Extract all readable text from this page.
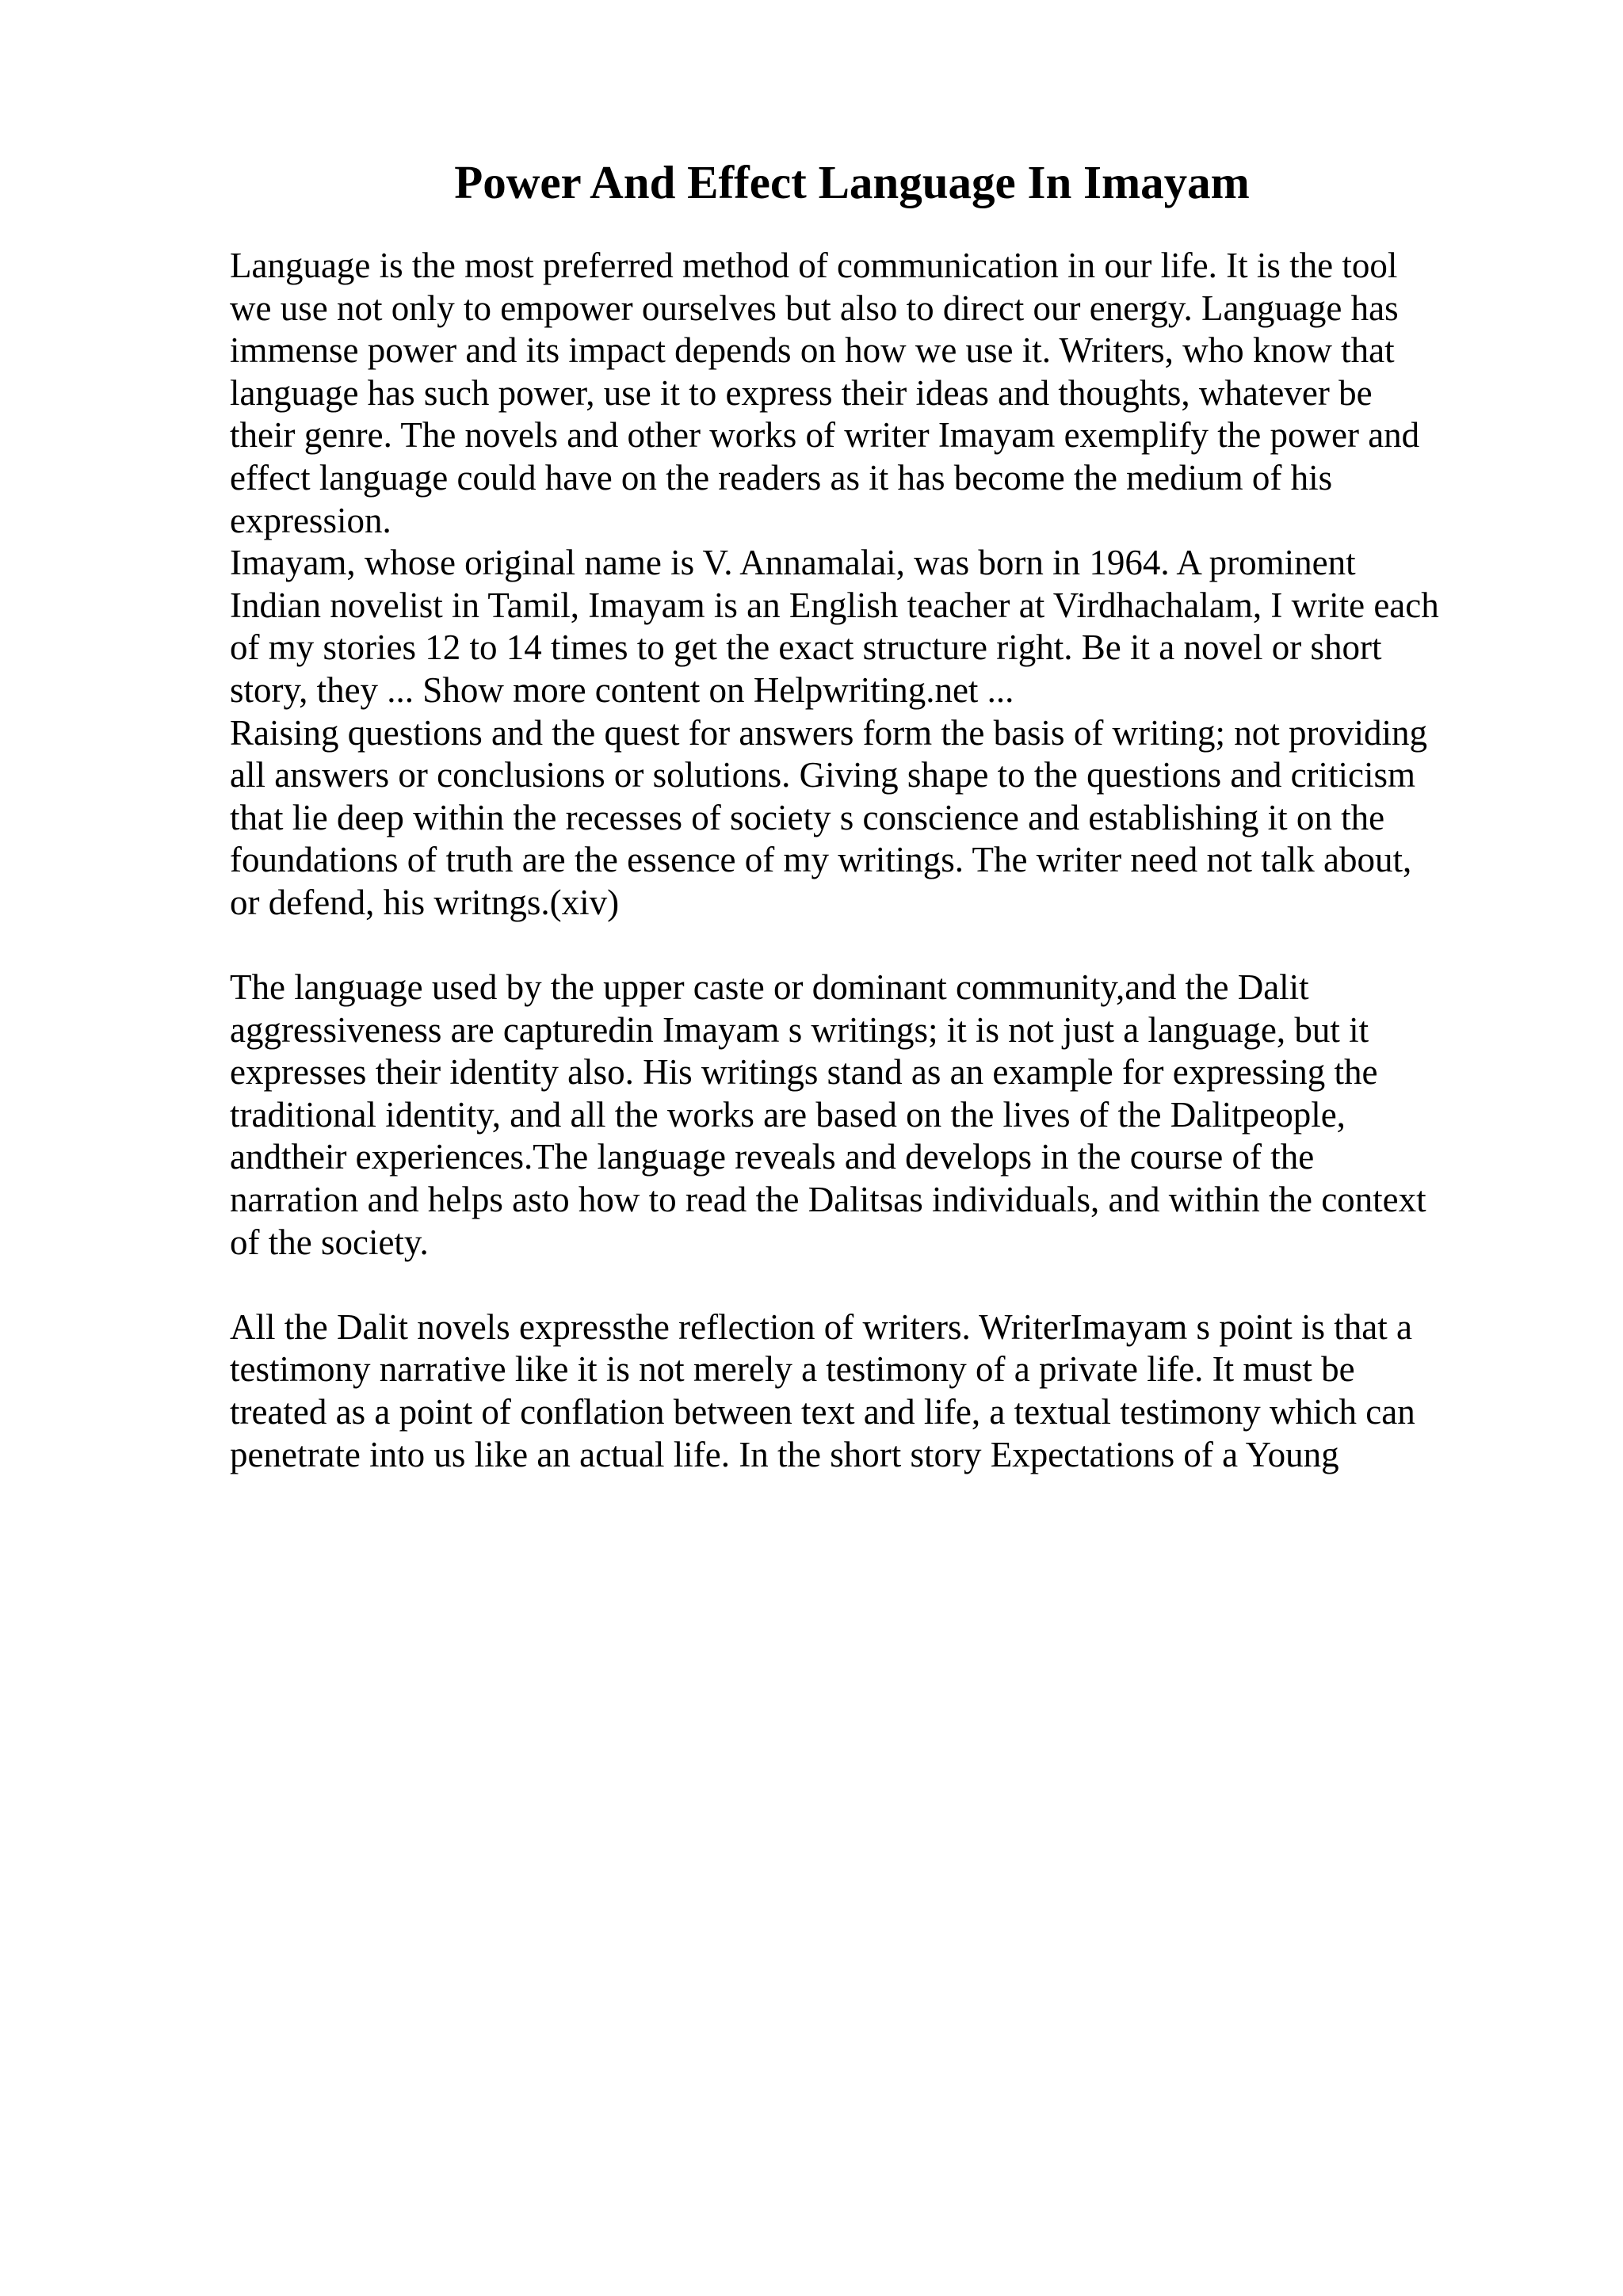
Power And Effect Language In Imayam

Language is the most preferred method of communication in our life. It is the tool
we use not only to empower ourselves but also to direct our energy. Language has
immense power and its impact depends on how we use it. Writers, who know that
language has such power, use it to express their ideas and thoughts, whatever be
their genre. The novels and other works of writer Imayam exemplify the power and
effect language could have on the readers as it has become the medium of his
expression.

Imayam, whose original name is V. Annamalai, was born in 1964. A prominent
Indian novelist in Tamil, Imayam is an English teacher at Virdhachalam, I write each
of my stories 12 to 14 times to get the exact structure right. Be it a novel or short
story, they ... Show more content on Helpwriting.net ...

Raising questions and the quest for answers form the basis of writing; not providing
all answers or conclusions or solutions. Giving shape to the questions and criticism
that lie deep within the recesses of society s conscience and establishing it on the
foundations of truth are the essence of my writings. The writer need not talk about,
or defend, his writngs.(xiv)

The language used by the upper caste or dominant community,and the Dalit
aggressiveness are capturedin Imayam s writings; it is not just a language, but it
expresses their identity also. His writings stand as an example for expressing the
traditional identity, and all the works are based on the lives of the Dalitpeople,
andtheir experiences.The language reveals and develops in the course of the
narration and helps asto how to read the Dalitsas individuals, and within the context
of the society.

All the Dalit novels expressthe reflection of writers. WriterImayam s point is that a
testimony narrative like it is not merely a testimony of a private life. It must be
treated as a point of conflation between text and life, a textual testimony which can
penetrate into us like an actual life. In the short story Expectations of a Young
